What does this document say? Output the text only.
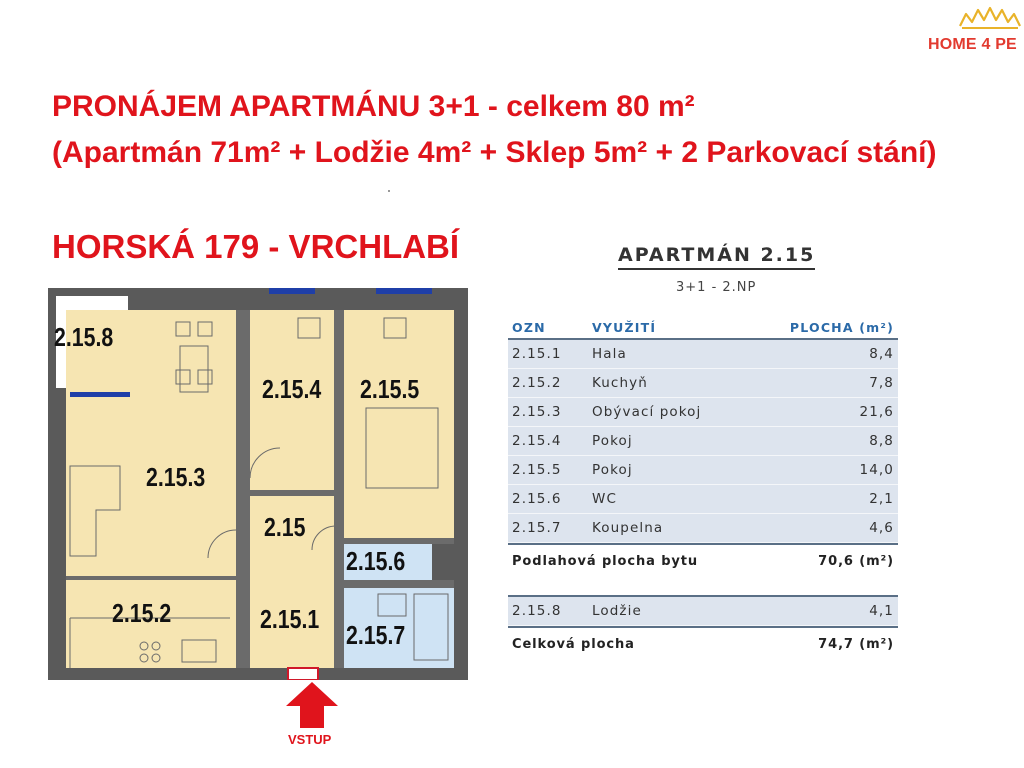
HOME 4 PE
PRONÁJEM APARTMÁNU 3+1 - celkem 80 m²
(Apartmán 71m² + Lodžie 4m² + Sklep 5m² + 2 Parkovací stání)
HORSKÁ 179 - VRCHLABÍ
2.15.8
2.15.3
2.15.4 2.15.5
2.15
2.15.6
2.15.2	2.15.1
2.15.7
VSTUP
APARTMÁN 2.15
3+1 - 2.NP
OZN	VYUŽITÍ	PLOCHA (m²)
2.15.1	Hala	8,4
2.15.2	Kuchyň	7,8
2.15.3	Obývací pokoj	21,6
2.15.4	Pokoj	8,8
2.15.5	Pokoj	14,0
2.15.6	WC	2,1
2.15.7	Koupelna	4,6
Podlahová plocha bytu	70,6 (m²)
2.15.8	Lodžie	4,1
Celková plocha	74,7 (m²)
